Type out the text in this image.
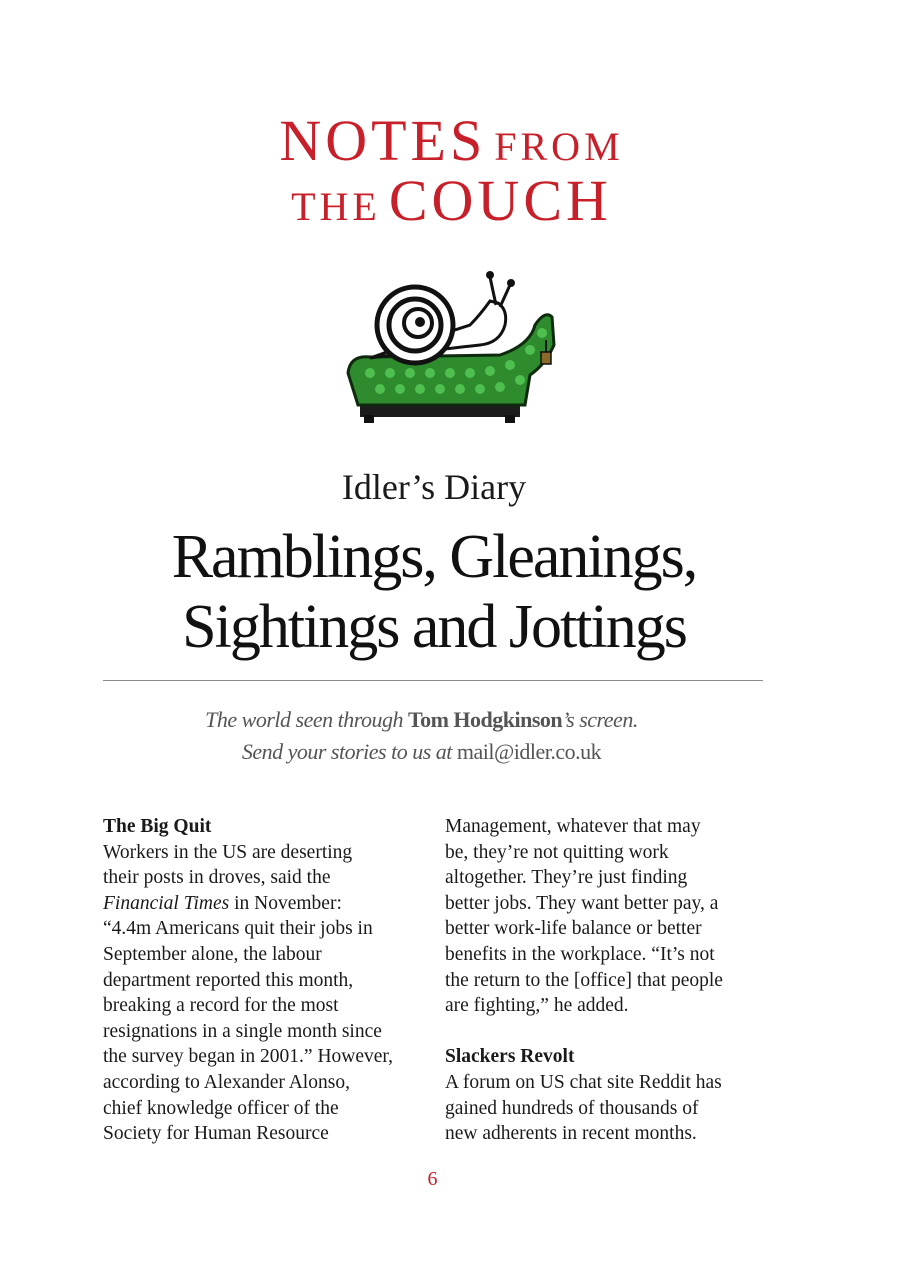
NOTES FROM
THE COUCH
Idler’s Diary
Ramblings, Gleanings,
Sightings and Jottings
The world seen through Tom Hodgkinson’s screen.
Send your stories to us at mail@idler.co.uk

The Big Quit

Workers in the US are deserting

their posts in droves, said the

Financial Times in November:

“4.4m Americans quit their jobs in

September alone, the labour

department reported this month,

breaking a record for the most

resignations in a single month since

the survey began in 2001.” However,

according to Alexander Alonso,

chief knowledge officer of the

Society for Human Resource

Management, whatever that may

be, they’re not quitting work

altogether. They’re just finding

better jobs. They want better pay, a

better work-life balance or better

benefits in the workplace. “It’s not

the return to the [office] that people

are fighting,” he added.

Slackers Revolt

A forum on US chat site Reddit has

gained hundreds of thousands of

new adherents in recent months.

6
